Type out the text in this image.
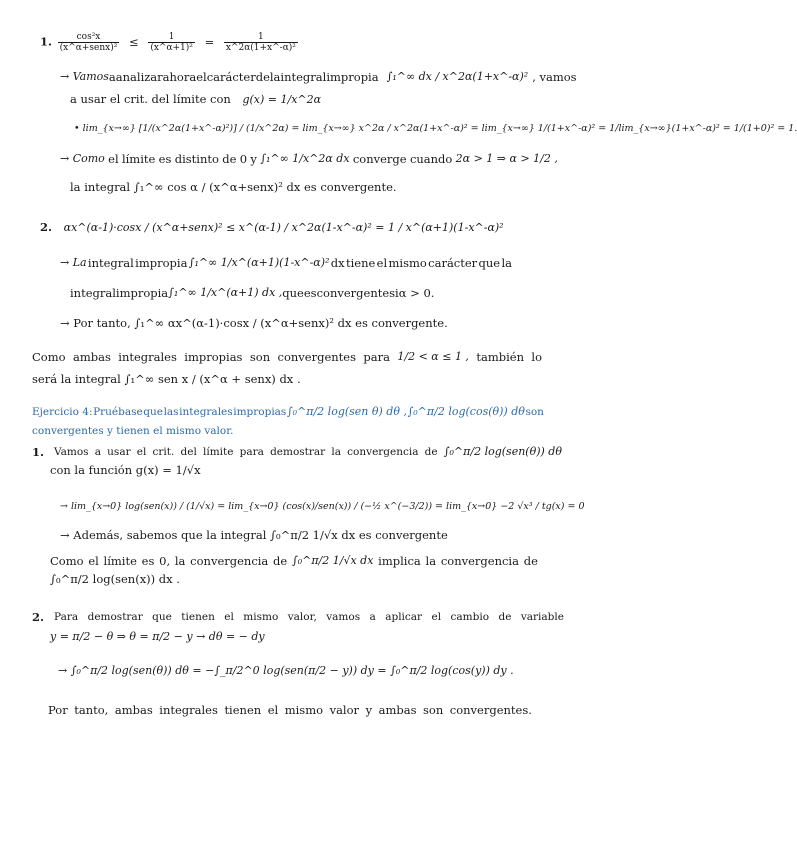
1.	cos²x
(x^α+senx)² ≤ $\frac{1}{\text{(x\textasciicircum{}α+1)²}} = \frac{1}{\text{x\textasciicircum{}2α(1+x\textasciicircum{}-α)²}}$
→ Vamos a analizar ahora el carácter de la integral impropia ∫₁^∞ dx / x^2α(1+x^-α)² , vamos
a usar el crit. del límite con g(x) = 1/x^2α
• lim_{x→∞} [1/(x^2α(1+x^-α)²)] / (1/x^2α) = lim_{x→∞} x^2α / x^2α(1+x^-α)² = lim_{x→∞} 1/(1+x^-α)² = 1/lim_{x→∞}(1+x^-α)² = 1/(1+0)² = 1.
→ Como el límite es distinto de 0 y ∫₁^∞ 1/x^2α dx converge cuando 2α > 1 ⇒ α > 1/2 ,
la integral ∫₁^∞ cos α / (x^α+senx)² dx es convergente.
2. αx^(α-1)·cosx / (x^α+senx)² ≤ x^(α-1) / x^2α(1-x^-α)² = 1 / x^(α+1)(1-x^-α)²
→ La integral impropia ∫₁^∞ 1/x^(α+1)(1-x^-α)² dx tiene el mismo carácter que la
integral impropia ∫₁^∞ 1/x^(α+1) dx , que es convergente si α > 0.
→ Por tanto, ∫₁^∞ αx^(α-1)·cosx / (x^α+senx)² dx es convergente.
Como ambas integrales impropias son convergentes para 1/2 < α ≤ 1 , también lo
será la integral ∫₁^∞ sen x / (x^α + senx) dx .
Ejercicio 4: Pruébase que las integrales impropias ∫₀^π/2 log(sen θ) dθ , ∫₀^π/2 log(cos(θ)) dθ son
convergentes y tienen el mismo valor.
1. Vamos a usar el crit. del límite para demostrar la convergencia de ∫₀^π/2 log(sen(θ)) dθ
con la función g(x) = 1/√x
→ lim_{x→0} log(sen(x)) / (1/√x) = lim_{x→0} (cos(x)/sen(x)) / (−½ x^(−3/2)) = lim_{x→0} −2 √x³ / tg(x) = 0
→ Además, sabemos que la integral ∫₀^π/2 1/√x dx es convergente
Como el límite es 0, la convergencia de ∫₀^π/2 1/√x dx implica la convergencia de
∫₀^π/2 log(sen(x)) dx .
2. Para demostrar que tienen el mismo valor, vamos a aplicar el cambio de variable
y = π/2 − θ ⇒ θ = π/2 − y → dθ = − dy
→ ∫₀^π/2 log(sen(θ)) dθ = −∫_π/2^0 log(sen(π/2 − y)) dy = ∫₀^π/2 log(cos(y)) dy .
Por tanto, ambas integrales tienen el mismo valor y ambas son convergentes.
